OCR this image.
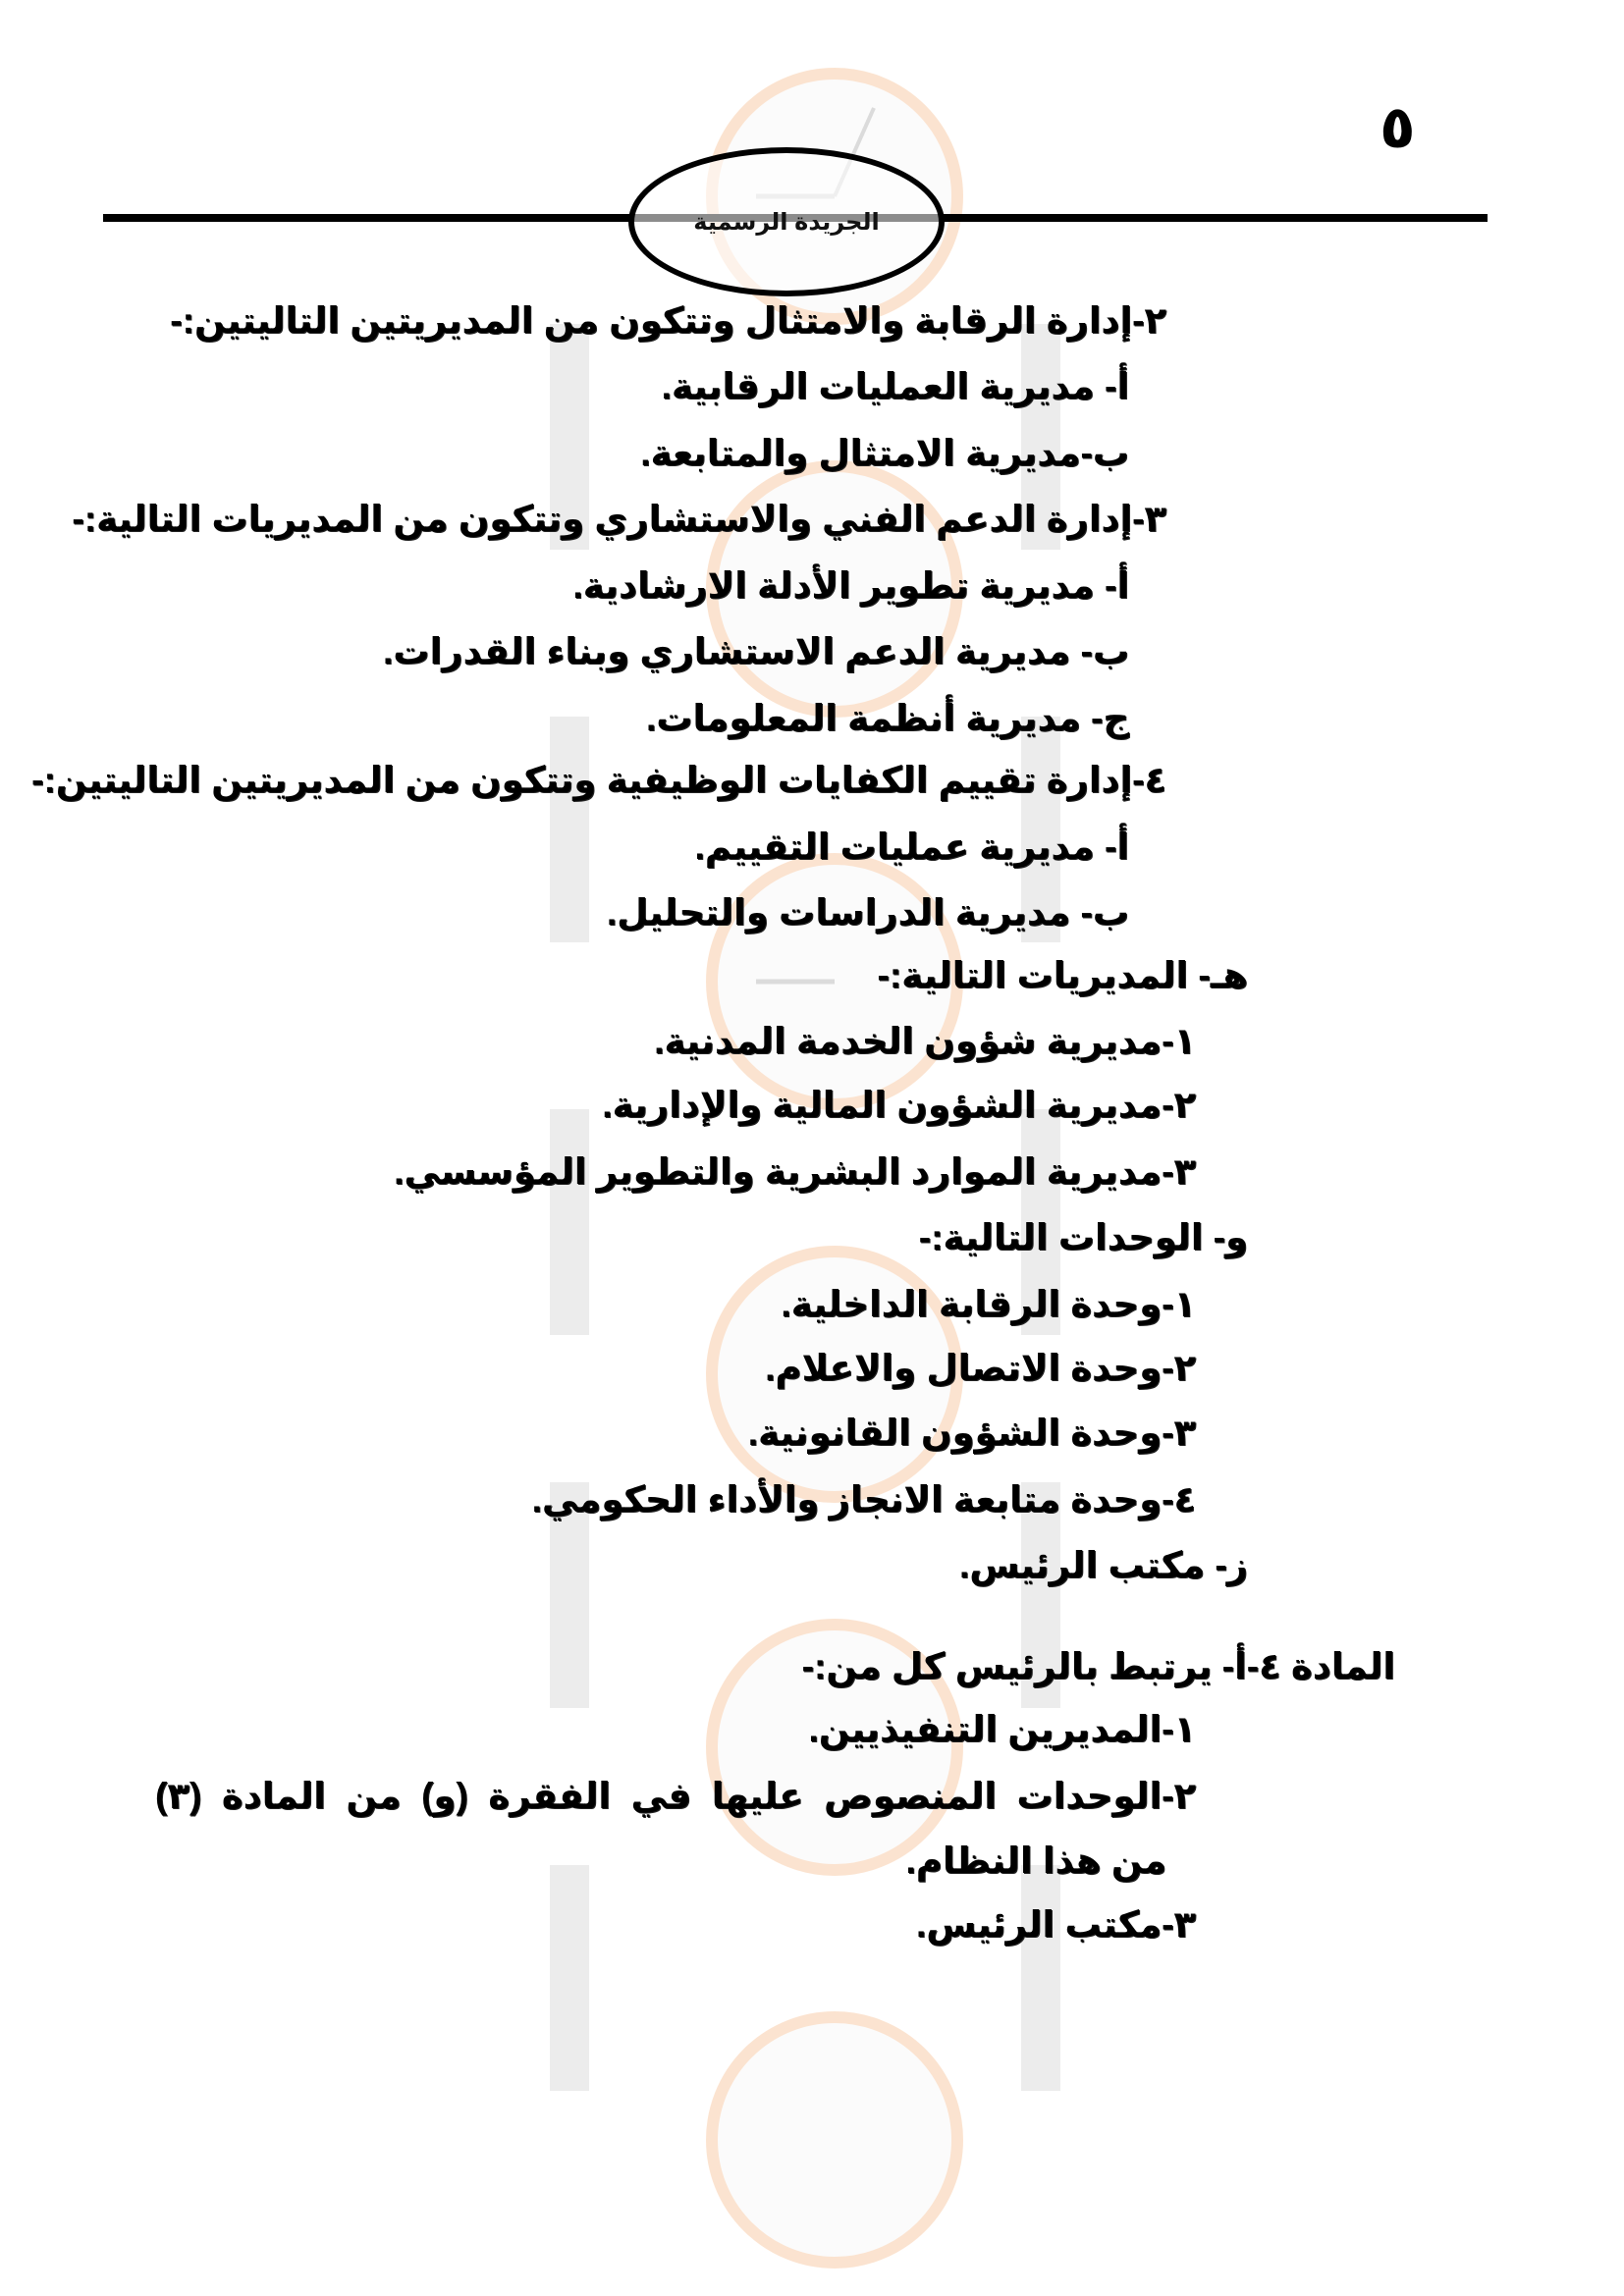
٥
الجريدة الرسمية
٢-إدارة الرقابة والامتثال وتتكون من المديريتين التاليتين:-
أ- مديرية العمليات الرقابية.
ب-مديرية الامتثال والمتابعة.
٣-إدارة الدعم الفني والاستشاري وتتكون من المديريات التالية:-
أ- مديرية تطوير الأدلة الارشادية.
ب- مديرية الدعم الاستشاري وبناء القدرات.
ج- مديرية أنظمة المعلومات.
٤-إدارة تقييم الكفايات الوظيفية وتتكون من المديريتين التاليتين:-
أ- مديرية عمليات التقييم.
ب- مديرية الدراسات والتحليل.
هـ- المديريات التالية:-
١-مديرية شؤون الخدمة المدنية.
٢-مديرية الشؤون المالية والإدارية.
٣-مديرية الموارد البشرية والتطوير المؤسسي.
و- الوحدات التالية:-
١-وحدة الرقابة الداخلية.
٢-وحدة الاتصال والاعلام.
٣-وحدة الشؤون القانونية.
٤-وحدة متابعة الانجاز والأداء الحكومي.
ز- مكتب الرئيس.
المادة ٤-أ- يرتبط بالرئيس كل من:-
١-المديرين التنفيذيين.
٢-الوحدات المنصوص عليها في الفقرة (و) من المادة (٣)
من هذا النظام.
٣-مكتب الرئيس.
